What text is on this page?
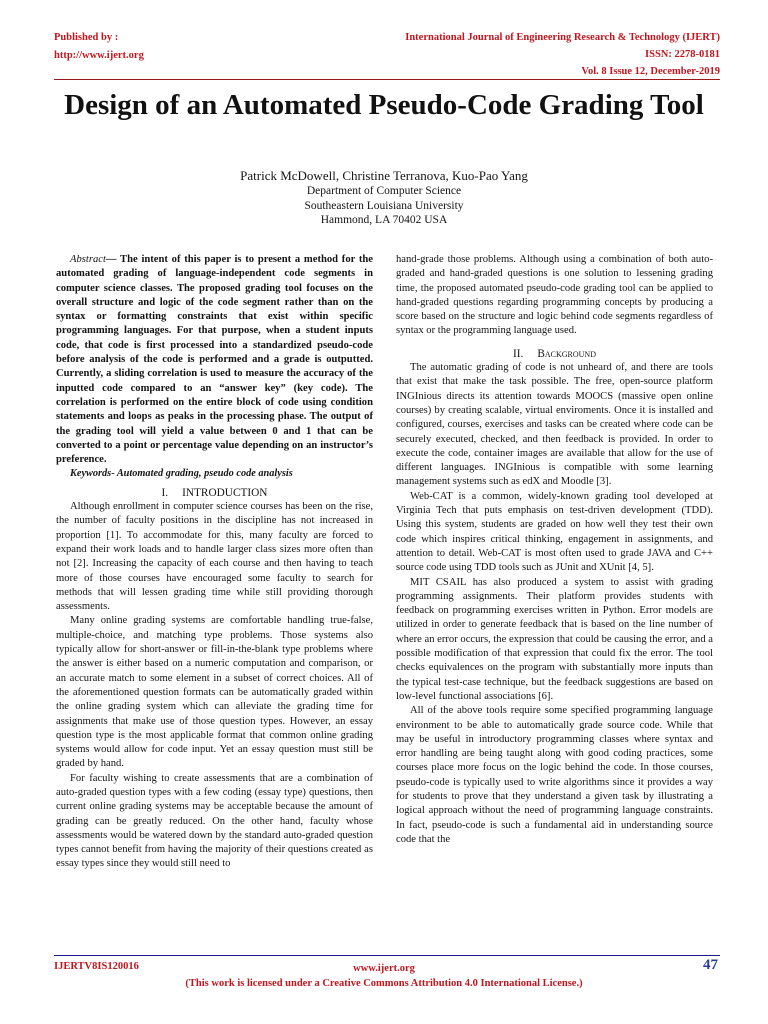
Published by :
http://www.ijert.org
International Journal of Engineering Research & Technology (IJERT)
ISSN: 2278-0181
Vol. 8 Issue 12, December-2019
Design of an Automated Pseudo-Code Grading Tool
Patrick McDowell, Christine Terranova, Kuo-Pao Yang
Department of Computer Science
Southeastern Louisiana University
Hammond, LA 70402 USA

Abstract— The intent of this paper is to present a method for the automated grading of language-independent code segments in computer science classes. The proposed grading tool focuses on the overall structure and logic of the code segment rather than on the syntax or formatting constraints that exist within specific programming languages. For that purpose, when a student inputs code, that code is first processed into a standardized pseudo-code before analysis of the code is performed and a grade is outputted. Currently, a sliding correlation is used to measure the accuracy of the inputted code compared to an “answer key” (key code). The correlation is performed on the entire block of code using condition statements and loops as peaks in the processing phase. The output of the grading tool will yield a value between 0 and 1 that can be converted to a point or percentage value depending on an instructor’s preference.

Keywords- Automated grading, pseudo code analysis

I. INTRODUCTION

Although enrollment in computer science courses has been on the rise, the number of faculty positions in the discipline has not increased in proportion [1]. To accommodate for this, many faculty are forced to expand their work loads and to handle larger class sizes more often than not [2]. Increasing the capacity of each course and then having to teach more of those courses have encouraged some faculty to search for methods that will lessen grading time while still providing thorough assessments.

Many online grading systems are comfortable handling true-false, multiple-choice, and matching type problems. Those systems also typically allow for short-answer or fill-in-the-blank type problems where the answer is either based on a numeric computation and comparison, or an accurate match to some element in a subset of correct choices. All of the aforementioned question formats can be automatically graded within the online grading system which can alleviate the grading time for assignments that make use of those question types. However, an essay question type is the most applicable format that common online grading systems would allow for code input. Yet an essay question must still be graded by hand.

For faculty wishing to create assessments that are a combination of auto-graded question types with a few coding (essay type) questions, then current online grading systems may be acceptable because the amount of grading can be greatly reduced. On the other hand, faculty whose assessments would be watered down by the standard auto-graded question types cannot benefit from having the majority of their questions created as essay types since they would still need to

hand-grade those problems. Although using a combination of both auto-graded and hand-graded questions is one solution to lessening grading time, the proposed automated pseudo-code grading tool can be applied to hand-graded questions regarding programming concepts by producing a score based on the structure and logic behind code segments regardless of syntax or the programming language used.

II. Background

The automatic grading of code is not unheard of, and there are tools that exist that make the task possible. The free, open-source platform INGInious directs its attention towards MOOCS (massive open online courses) by creating scalable, virtual enviroments. Once it is installed and configured, courses, exercises and tasks can be created where code can be securely executed, checked, and then feedback is provided. In order to execute the code, container images are available that allow for the use of different languages. INGInious is compatible with some learning management systems such as edX and Moodle [3].

Web-CAT is a common, widely-known grading tool developed at Virginia Tech that puts emphasis on test-driven development (TDD). Using this system, students are graded on how well they test their own code which inspires critical thinking, engagement in assignments, and attention to detail. Web-CAT is most often used to grade JAVA and C++ source code using TDD tools such as JUnit and XUnit [4, 5].

MIT CSAIL has also produced a system to assist with grading programming assignments. Their platform provides students with feedback on programming exercises written in Python. Error models are utilized in order to generate feedback that is based on the line number of where an error occurs, the expression that could be causing the error, and a possible modification of that expression that could fix the error. The tool checks equivalences on the program with substantially more inputs than the typical test-case technique, but the feedback suggestions are based on low-level functional associations [6].

All of the above tools require some specified programming language environment to be able to automatically grade source code. While that may be useful in introductory programming classes where syntax and error handling are being taught along with good coding practices, some courses place more focus on the logic behind the code. In those courses, pseudo-code is typically used to write algorithms since it provides a way for students to prove that they understand a given task by illustrating a logical approach without the need of programming language constraints. In fact, pseudo-code is such a fundamental aid in understanding source code that the

IJERTV8IS120016	www.ijert.org
(This work is licensed under a Creative Commons Attribution 4.0 International License.)
47
